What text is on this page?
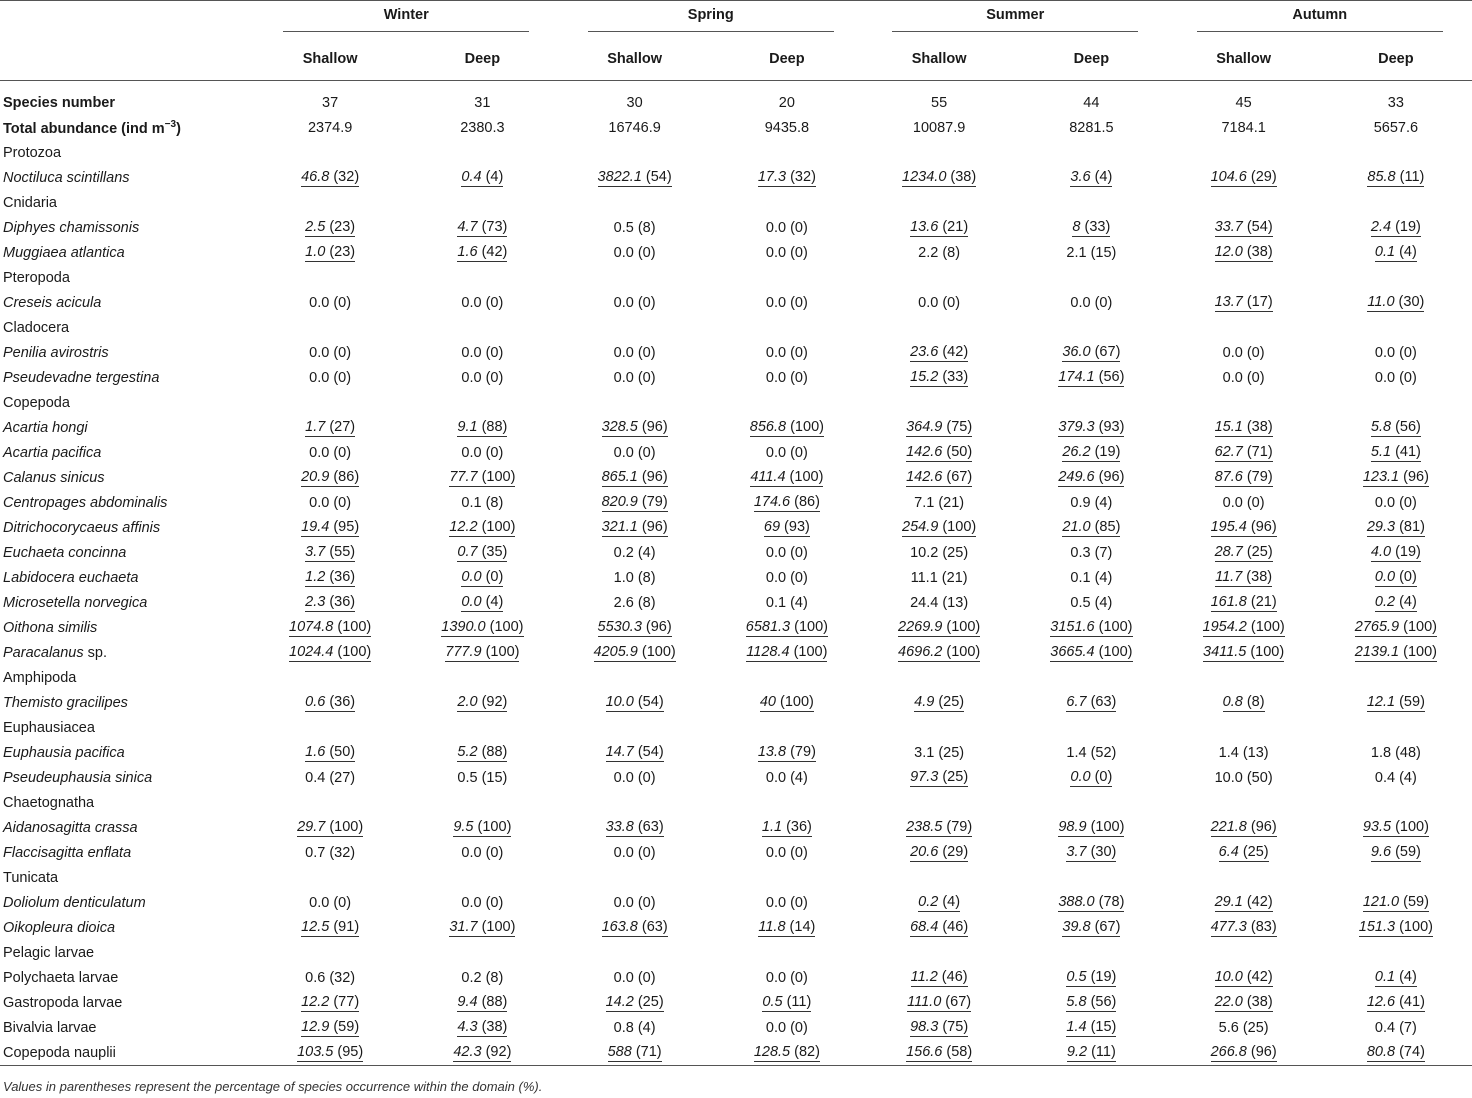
	Winter		Spring		Summer		Autumn	

	Shallow	Deep	Shallow	Deep	Shallow	Deep	Shallow	Deep

Species number	37	31	30	20	55	44	45	33
Total abundance (ind $m^{-3}$)	2374.9	2380.3	16746.9	9435.8	10087.9	8281.5	7184.1	5657.6
Protozoa								
Noctiluca scintillans	46.8 (32)	0.4 (4)	3822.1 (54)	17.3 (32)	1234.0 (38)	3.6 (4)	104.6 (29)	85.8 (11)
Cnidaria								
Diphyes chamissonis	2.5 (23)	4.7 (73)	0.5 (8)	0.0 (0)	13.6 (21)	8 (33)	33.7 (54)	2.4 (19)
Muggiaea atlantica	1.0 (23)	1.6 (42)	0.0 (0)	0.0 (0)	2.2 (8)	2.1 (15)	12.0 (38)	0.1 (4)
Pteropoda								
Creseis acicula	0.0 (0)	0.0 (0)	0.0 (0)	0.0 (0)	0.0 (0)	0.0 (0)	13.7 (17)	11.0 (30)
Cladocera								
Penilia avirostris	0.0 (0)	0.0 (0)	0.0 (0)	0.0 (0)	23.6 (42)	36.0 (67)	0.0 (0)	0.0 (0)
Pseudevadne tergestina	0.0 (0)	0.0 (0)	0.0 (0)	0.0 (0)	15.2 (33)	174.1 (56)	0.0 (0)	0.0 (0)
Copepoda								
Acartia hongi	1.7 (27)	9.1 (88)	328.5 (96)	856.8 (100)	364.9 (75)	379.3 (93)	15.1 (38)	5.8 (56)
Acartia pacifica	0.0 (0)	0.0 (0)	0.0 (0)	0.0 (0)	142.6 (50)	26.2 (19)	62.7 (71)	5.1 (41)
Calanus sinicus	20.9 (86)	77.7 (100)	865.1 (96)	411.4 (100)	142.6 (67)	249.6 (96)	87.6 (79)	123.1 (96)
Centropages abdominalis	0.0 (0)	0.1 (8)	820.9 (79)	174.6 (86)	7.1 (21)	0.9 (4)	0.0 (0)	0.0 (0)
Ditrichocorycaeus affinis	19.4 (95)	12.2 (100)	321.1 (96)	69 (93)	254.9 (100)	21.0 (85)	195.4 (96)	29.3 (81)
Euchaeta concinna	3.7 (55)	0.7 (35)	0.2 (4)	0.0 (0)	10.2 (25)	0.3 (7)	28.7 (25)	4.0 (19)
Labidocera euchaeta	1.2 (36)	0.0 (0)	1.0 (8)	0.0 (0)	11.1 (21)	0.1 (4)	11.7 (38)	0.0 (0)
Microsetella norvegica	2.3 (36)	0.0 (4)	2.6 (8)	0.1 (4)	24.4 (13)	0.5 (4)	161.8 (21)	0.2 (4)
Oithona similis	1074.8 (100)	1390.0 (100)	5530.3 (96)	6581.3 (100)	2269.9 (100)	3151.6 (100)	1954.2 (100)	2765.9 (100)
Paracalanus sp.	1024.4 (100)	777.9 (100)	4205.9 (100)	1128.4 (100)	4696.2 (100)	3665.4 (100)	3411.5 (100)	2139.1 (100)
Amphipoda								
Themisto gracilipes	0.6 (36)	2.0 (92)	10.0 (54)	40 (100)	4.9 (25)	6.7 (63)	0.8 (8)	12.1 (59)
Euphausiacea								
Euphausia pacifica	1.6 (50)	5.2 (88)	14.7 (54)	13.8 (79)	3.1 (25)	1.4 (52)	1.4 (13)	1.8 (48)
Pseudeuphausia sinica	0.4 (27)	0.5 (15)	0.0 (0)	0.0 (4)	97.3 (25)	0.0 (0)	10.0 (50)	0.4 (4)
Chaetognatha								
Aidanosagitta crassa	29.7 (100)	9.5 (100)	33.8 (63)	1.1 (36)	238.5 (79)	98.9 (100)	221.8 (96)	93.5 (100)
Flaccisagitta enflata	0.7 (32)	0.0 (0)	0.0 (0)	0.0 (0)	20.6 (29)	3.7 (30)	6.4 (25)	9.6 (59)
Tunicata								
Doliolum denticulatum	0.0 (0)	0.0 (0)	0.0 (0)	0.0 (0)	0.2 (4)	388.0 (78)	29.1 (42)	121.0 (59)
Oikopleura dioica	12.5 (91)	31.7 (100)	163.8 (63)	11.8 (14)	68.4 (46)	39.8 (67)	477.3 (83)	151.3 (100)
Pelagic larvae								
Polychaeta larvae	0.6 (32)	0.2 (8)	0.0 (0)	0.0 (0)	11.2 (46)	0.5 (19)	10.0 (42)	0.1 (4)
Gastropoda larvae	12.2 (77)	9.4 (88)	14.2 (25)	0.5 (11)	111.0 (67)	5.8 (56)	22.0 (38)	12.6 (41)
Bivalvia larvae	12.9 (59)	4.3 (38)	0.8 (4)	0.0 (0)	98.3 (75)	1.4 (15)	5.6 (25)	0.4 (7)
Copepoda nauplii	103.5 (95)	42.3 (92)	588 (71)	128.5 (82)	156.6 (58)	9.2 (11)	266.8 (96)	80.8 (74)
Values in parentheses represent the percentage of species occurrence within the domain (%).
